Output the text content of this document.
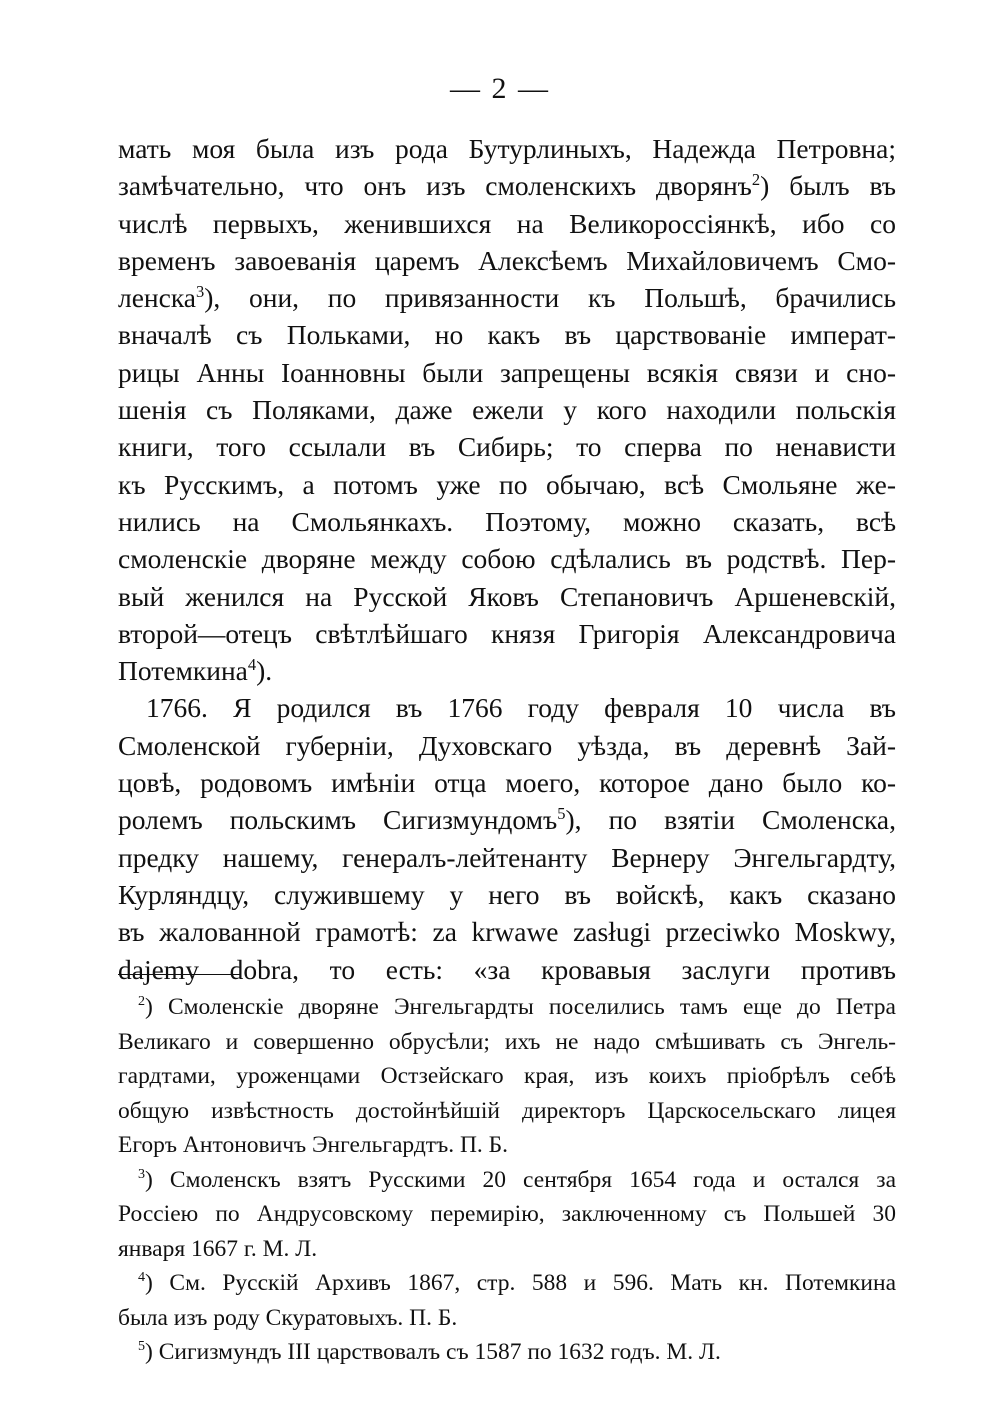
— 2 —
мать моя была изъ рода Бутурлиныхъ, Надежда Петровна;
замѣчательно, что онъ изъ смоленскихъ дворянъ$^2$) былъ въ
числѣ первыхъ, женившихся на Великороссіянкѣ, ибо со
временъ завоеванія царемъ Алексѣемъ Михайловичемъ Смо-
ленска$^3$), они, по привязанности къ Польшѣ, брачились
вначалѣ съ Польками, но какъ въ царствованіе императ-
рицы Анны Іоанновны были запрещены всякія связи и сно-
шенія съ Поляками, даже ежели у кого находили польскія
книги, того ссылали въ Сибирь; то сперва по ненависти
къ Русскимъ, а потомъ уже по обычаю, всѣ Смольяне же-
нились на Смольянкахъ. Поэтому, можно сказать, всѣ
смоленскіе дворяне между собою сдѣлались въ родствѣ. Пер-
вый женился на Русской Яковъ Степановичъ Аршеневскій,
второй—отецъ свѣтлѣйшаго князя Григорія Александровича
Потемкина$^4$).
1766. Я родился въ 1766 году февраля 10 числа въ
Смоленской губерніи, Духовскаго уѣзда, въ деревнѣ Зай-
цовѣ, родовомъ имѣніи отца моего, которое дано было ко-
ролемъ польскимъ Сигизмундомъ$^5$), по взятіи Смоленска,
предку нашему, генералъ-лейтенанту Вернеру Энгельгардту,
Курляндцу, служившему у него въ войскѣ, какъ сказано
въ жалованной грамотѣ: za krwawe zasługi przeciwko Moskwy,
dajemy dobra, то есть: «за кровавыя заслуги противъ
$^2$) Смоленскіе дворяне Энгельгардты поселились тамъ еще до Петра
Великаго и совершенно обрусѣли; ихъ не надо смѣшивать съ Энгель-
гардтами, уроженцами Остзейскаго края, изъ коихъ пріобрѣлъ себѣ
общую извѣстность достойнѣйшій директоръ Царскосельскаго лицея
Егоръ Антоновичъ Энгельгардтъ. П. Б.
$^3$) Смоленскъ взятъ Русскими 20 сентября 1654 года и остался за
Россіею по Андрусовскому перемирію, заключенному съ Польшей 30
января 1667 г. М. Л.
$^4$) См. Русскій Архивъ 1867, стр. 588 и 596. Мать кн. Потемкина
была изъ роду Скуратовыхъ. П. Б.
$^5$) Сигизмундъ III царствовалъ съ 1587 по 1632 годъ. М. Л.
